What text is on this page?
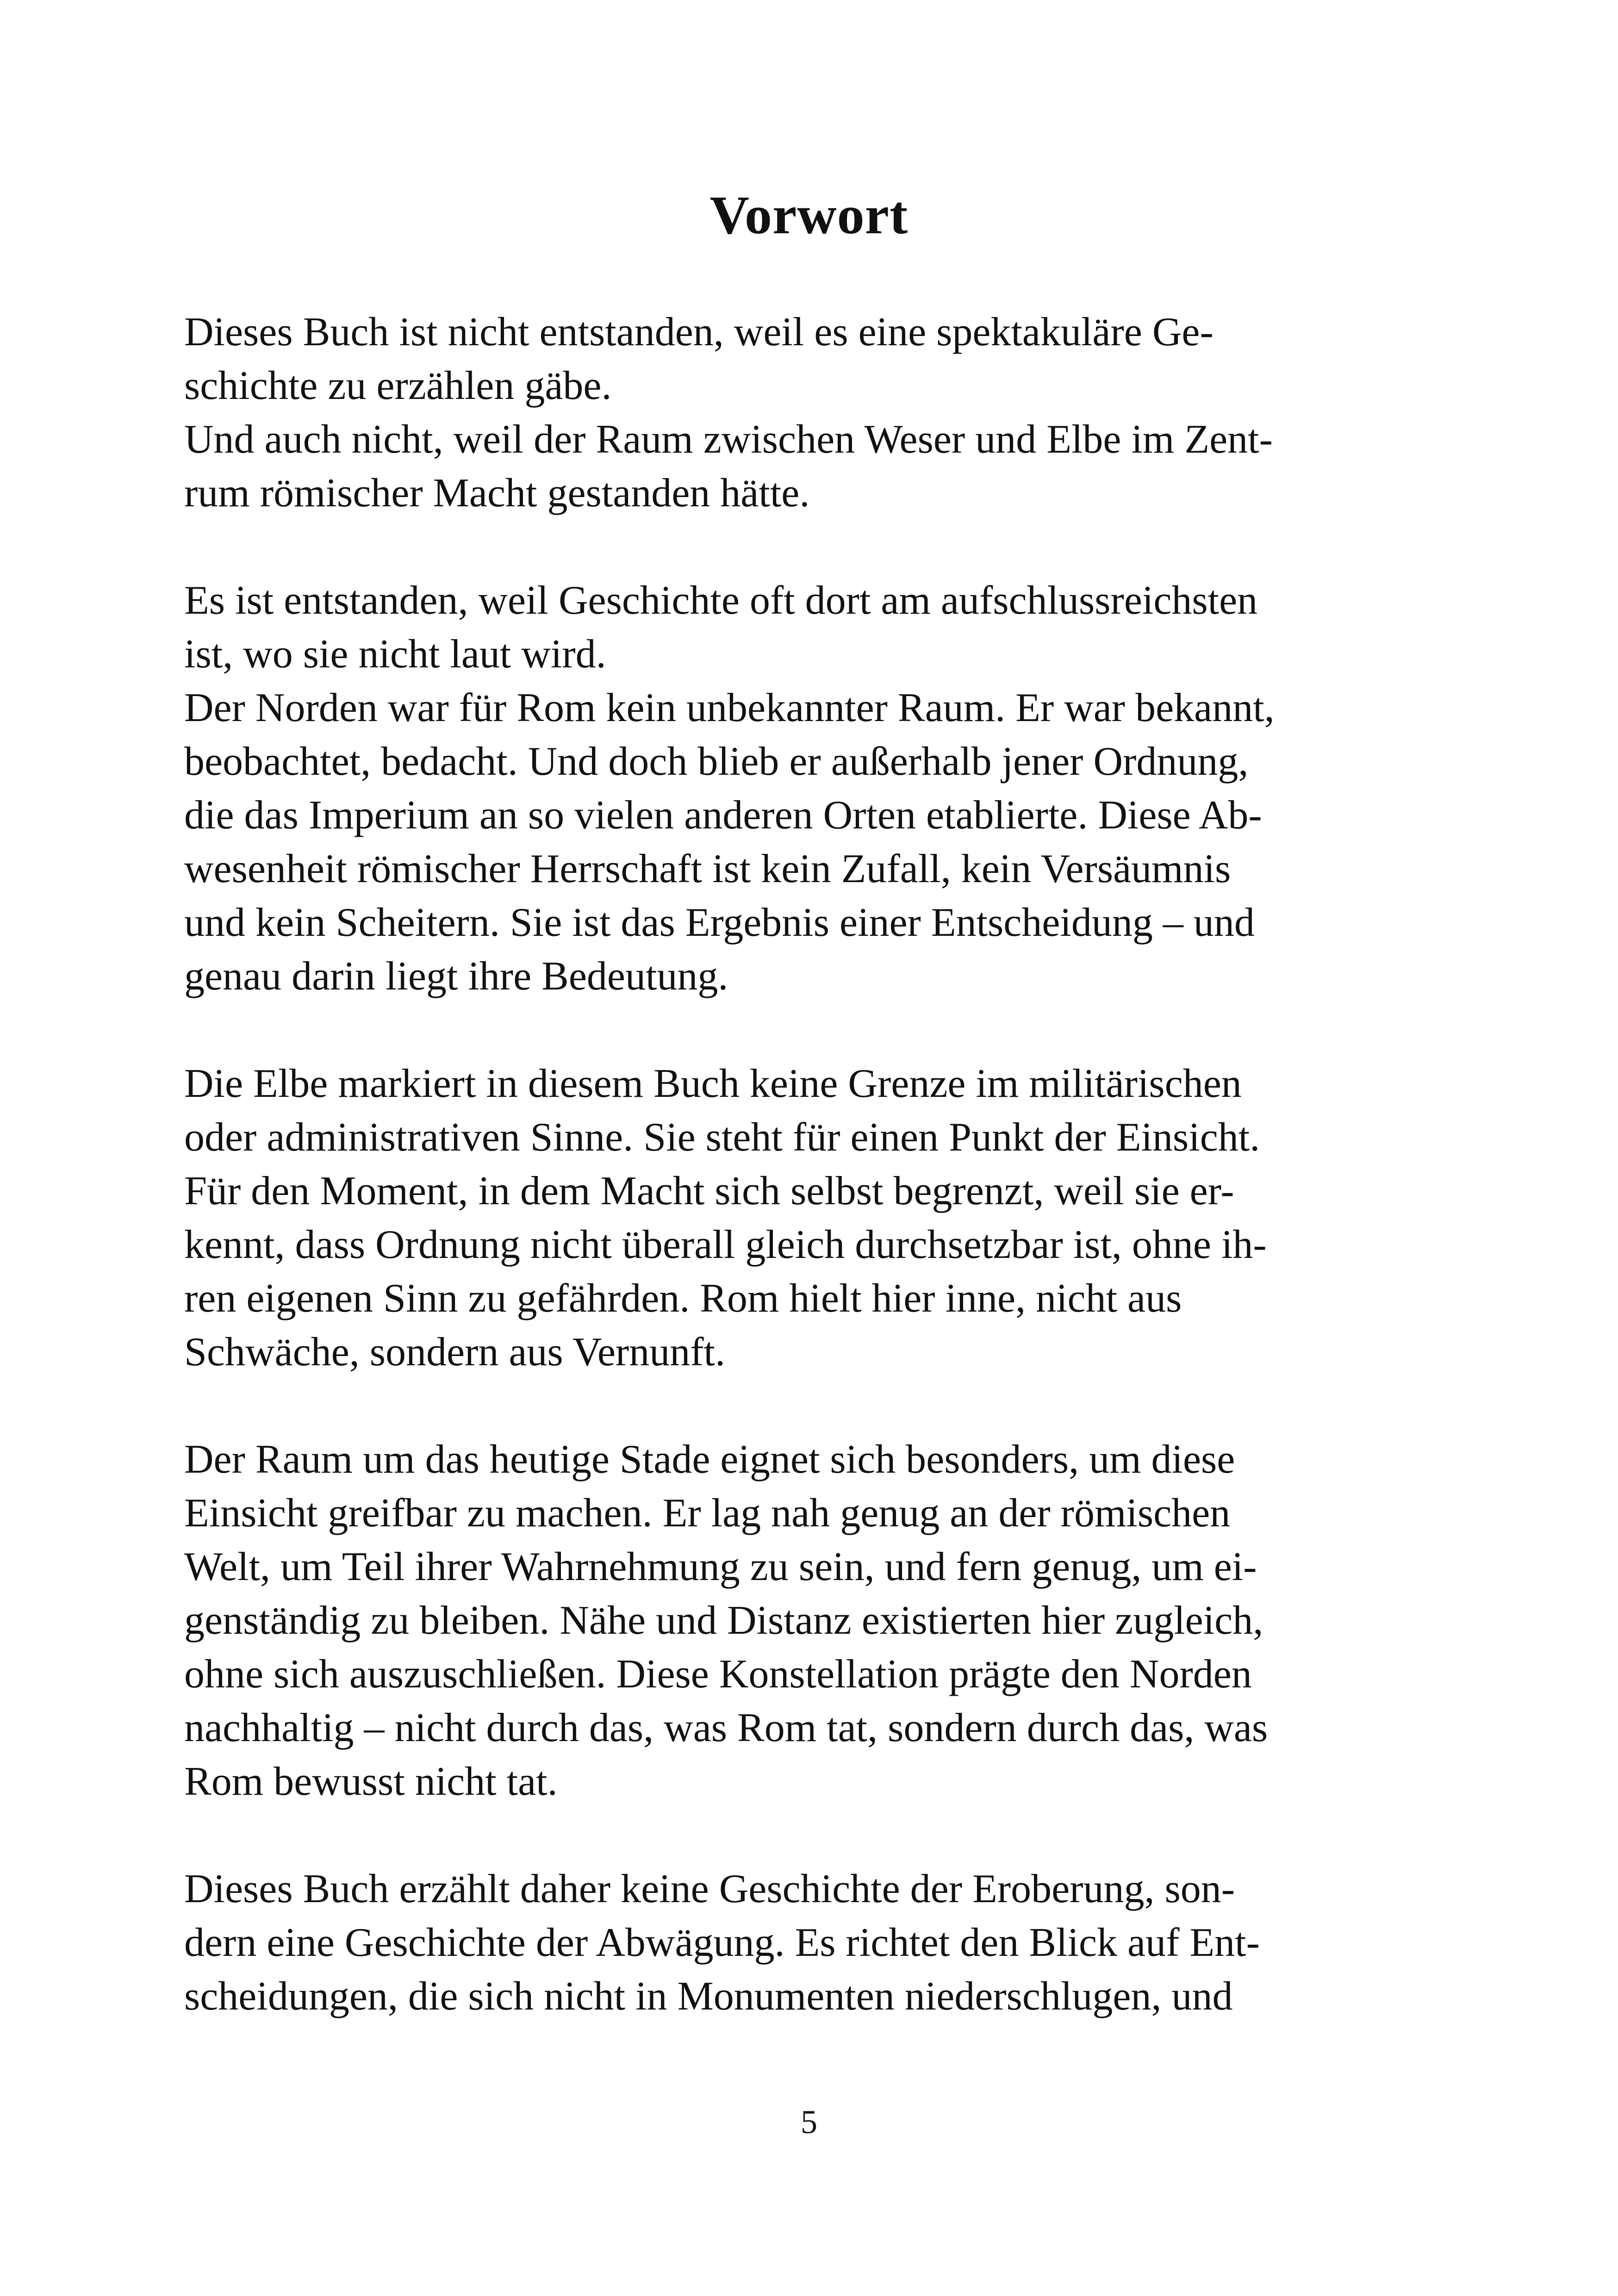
Vorwort
Dieses Buch ist nicht entstanden, weil es eine spektakuläre Ge-
schichte zu erzählen gäbe.
Und auch nicht, weil der Raum zwischen Weser und Elbe im Zent-
rum römischer Macht gestanden hätte.
Es ist entstanden, weil Geschichte oft dort am aufschlussreichsten
ist, wo sie nicht laut wird.
Der Norden war für Rom kein unbekannter Raum. Er war bekannt,
beobachtet, bedacht. Und doch blieb er außerhalb jener Ordnung,
die das Imperium an so vielen anderen Orten etablierte. Diese Ab-
wesenheit römischer Herrschaft ist kein Zufall, kein Versäumnis
und kein Scheitern. Sie ist das Ergebnis einer Entscheidung – und
genau darin liegt ihre Bedeutung.
Die Elbe markiert in diesem Buch keine Grenze im militärischen
oder administrativen Sinne. Sie steht für einen Punkt der Einsicht.
Für den Moment, in dem Macht sich selbst begrenzt, weil sie er-
kennt, dass Ordnung nicht überall gleich durchsetzbar ist, ohne ih-
ren eigenen Sinn zu gefährden. Rom hielt hier inne, nicht aus
Schwäche, sondern aus Vernunft.
Der Raum um das heutige Stade eignet sich besonders, um diese
Einsicht greifbar zu machen. Er lag nah genug an der römischen
Welt, um Teil ihrer Wahrnehmung zu sein, und fern genug, um ei-
genständig zu bleiben. Nähe und Distanz existierten hier zugleich,
ohne sich auszuschließen. Diese Konstellation prägte den Norden
nachhaltig – nicht durch das, was Rom tat, sondern durch das, was
Rom bewusst nicht tat.
Dieses Buch erzählt daher keine Geschichte der Eroberung, son-
dern eine Geschichte der Abwägung. Es richtet den Blick auf Ent-
scheidungen, die sich nicht in Monumenten niederschlugen, und
5
